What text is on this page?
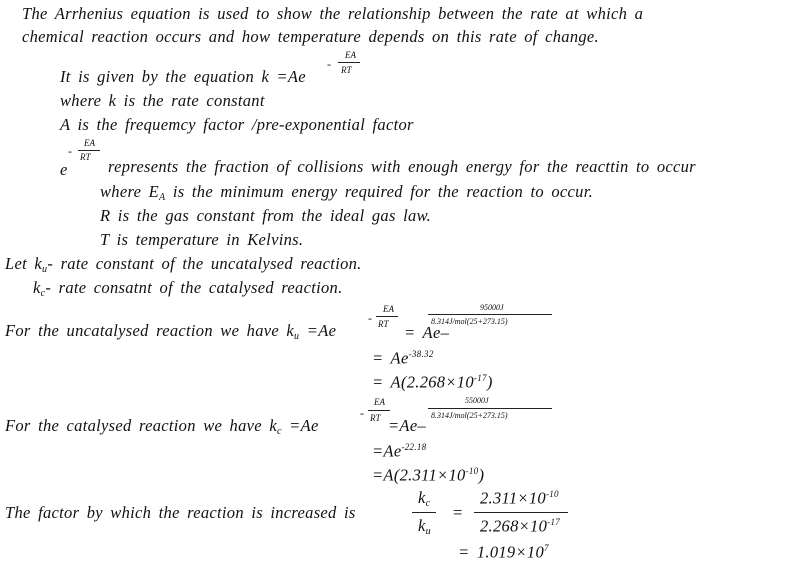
The Arrhenius equation is used to show the relationship between the rate at which a
chemical reaction occurs and how temperature depends on this rate of change.
It is given by the equation k =Ae
-
EA
RT
where k is the rate constant
A is the frequemcy factor /pre-exponential factor
-
EA
RT
e represents the fraction of collisions with enough energy for the reacttin to occur
where $E_A$ is the minimum energy required for the reaction to occur.
R is the gas constant from the ideal gas law.
T is temperature in Kelvins.
Let $k_u-$ rate constant of the uncatalysed reaction.
$k_c-$ rate consatnt of the catalysed reaction.
For the uncatalysed reaction we have $k_u =Ae$
-
EA
RT = Ae–
95000J
8.314J/mol(25+273.15)
= $Ae^{-38.32}$
= $A(2.268\times 10^{-17})$
For the catalysed reaction we have $k_c =Ae$
-
EA
RT =Ae–
55000J
8.314J/mol(25+273.15)
$=Ae^{-22.18}$
$=A(2.311\times 10^{-10})$
The factor by which the reaction is increased is
$k_c$
$k_u$
=
$2.311\times 10^{-10}$
$2.268\times 10^{-17}$
= $1.019\times 10^7$
